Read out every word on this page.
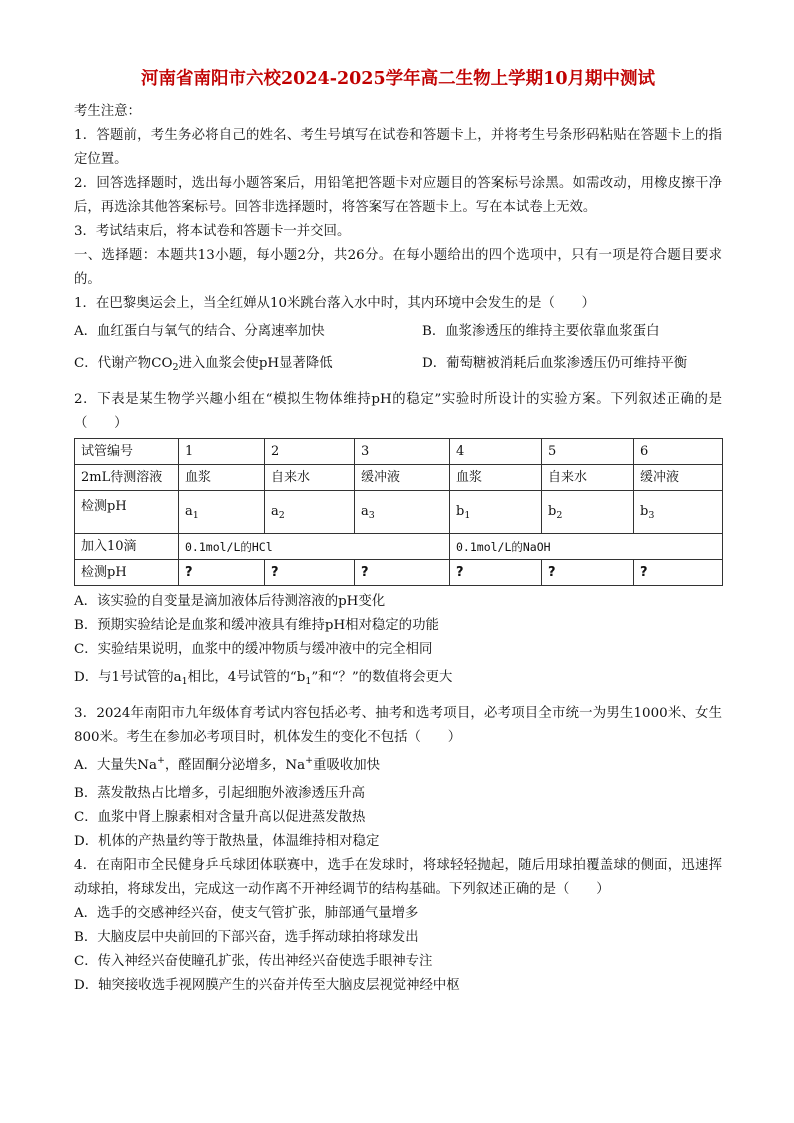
河南省南阳市六校2024-2025学年高二生物上学期10月期中测试

考生注意：

1．答题前，考生务必将自己的姓名、考生号填写在试卷和答题卡上，并将考生号条形码粘贴在答题卡上的指定位置。

2．回答选择题时，选出每小题答案后，用铅笔把答题卡对应题目的答案标号涂黑。如需改动，用橡皮擦干净后，再选涂其他答案标号。回答非选择题时，将答案写在答题卡上。写在本试卷上无效。

3．考试结束后，将本试卷和答题卡一并交回。

一、选择题：本题共13小题，每小题2分，共26分。在每小题给出的四个选项中，只有一项是符合题目要求的。

1．在巴黎奥运会上，当全红婵从10米跳台落入水中时，其内环境中会发生的是（　　）

A．血红蛋白与氧气的结合、分离速率加快	B．血浆渗透压的维持主要依靠血浆蛋白
C．代谢产物$CO_2$进入血浆会使pH显著降低	D．葡萄糖被消耗后血浆渗透压仍可维持平衡

2．下表是某生物学兴趣小组在“模拟生物体维持pH的稳定”实验时所设计的实验方案。下列叙述正确的是（　　）

试管编号	1	2	3	4	5	6
2mL待测溶液	血浆	自来水	缓冲液	血浆	自来水	缓冲液
检测pH	$a_1$	$a_2$	$a_3$	$b_1$	$b_2$	$b_3$
加入10滴	0.1mol/L的HCl			0.1mol/L的NaOH		
检测pH	?	?	?	?	?	?

A．该实验的自变量是滴加液体后待测溶液的pH变化

B．预期实验结论是血浆和缓冲液具有维持pH相对稳定的功能

C．实验结果说明，血浆中的缓冲物质与缓冲液中的完全相同

D．与1号试管的$a_1$相比，4号试管的“$b_1$”和“？”的数值将会更大

3．2024年南阳市九年级体育考试内容包括必考、抽考和选考项目，必考项目全市统一为男生1000米、女生800米。考生在参加必考项目时，机体发生的变化不包括（　　）

A．大量失Na+，醛固酮分泌增多，Na+重吸收加快

B．蒸发散热占比增多，引起细胞外液渗透压升高

C．血浆中肾上腺素相对含量升高以促进蒸发散热

D．机体的产热量约等于散热量，体温维持相对稳定

4．在南阳市全民健身乒乓球团体联赛中，选手在发球时，将球轻轻抛起，随后用球拍覆盖球的侧面，迅速挥动球拍，将球发出，完成这一动作离不开神经调节的结构基础。下列叙述正确的是（　　）

A．选手的交感神经兴奋，使支气管扩张，肺部通气量增多

B．大脑皮层中央前回的下部兴奋，选手挥动球拍将球发出

C．传入神经兴奋使瞳孔扩张，传出神经兴奋使选手眼神专注

D．轴突接收选手视网膜产生的兴奋并传至大脑皮层视觉神经中枢
